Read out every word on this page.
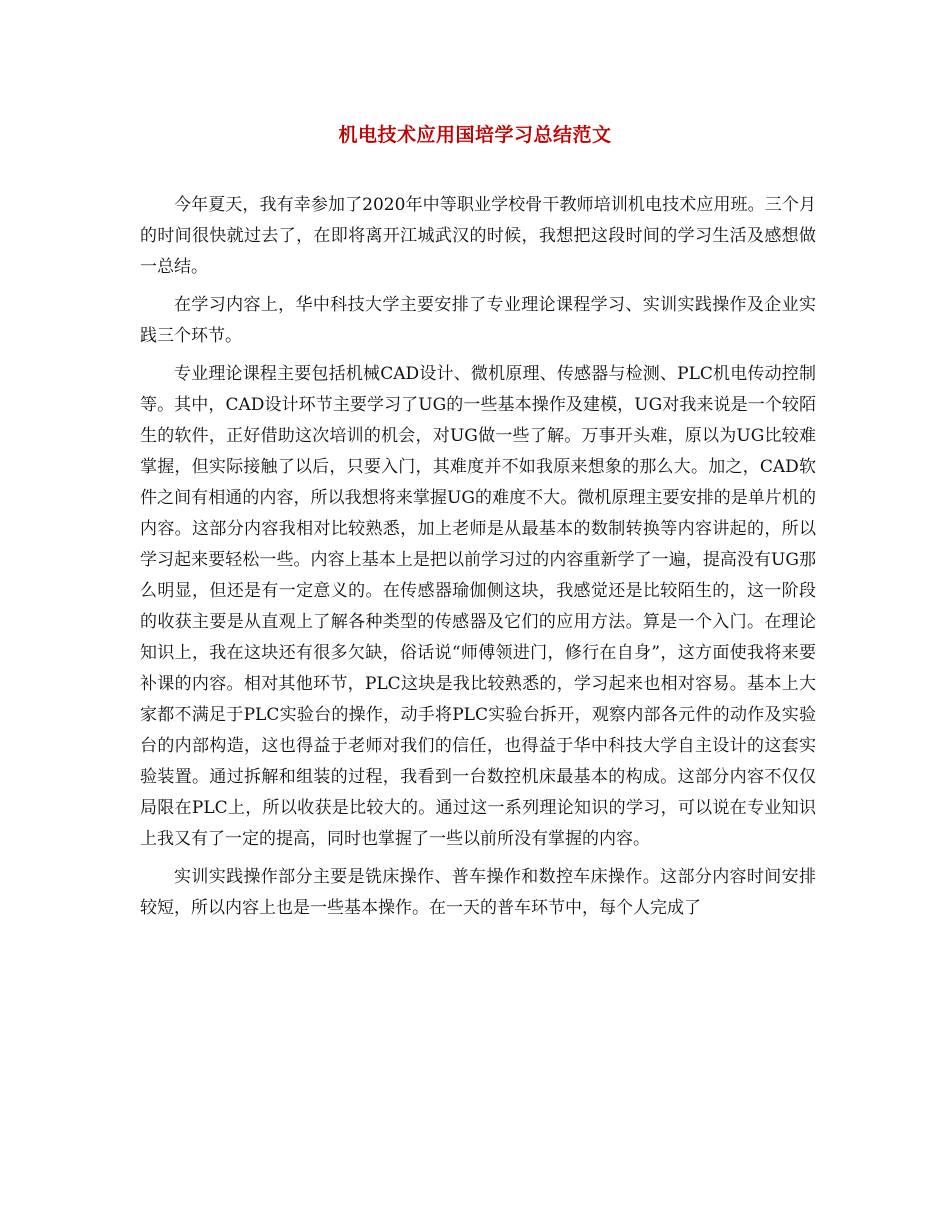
机电技术应用国培学习总结范文

今年夏天，我有幸参加了2020年中等职业学校骨干教师培训机电技术应用班。三个月的时间很快就过去了，在即将离开江城武汉的时候，我想把这段时间的学习生活及感想做一总结。

在学习内容上，华中科技大学主要安排了专业理论课程学习、实训实践操作及企业实践三个环节。

专业理论课程主要包括机械CAD设计、微机原理、传感器与检测、PLC机电传动控制等。其中，CAD设计环节主要学习了UG的一些基本操作及建模，UG对我来说是一个较陌生的软件，正好借助这次培训的机会，对UG做一些了解。万事开头难，原以为UG比较难掌握，但实际接触了以后，只要入门，其难度并不如我原来想象的那么大。加之，CAD软件之间有相通的内容，所以我想将来掌握UG的难度不大。微机原理主要安排的是单片机的内容。这部分内容我相对比较熟悉，加上老师是从最基本的数制转换等内容讲起的，所以学习起来要轻松一些。内容上基本上是把以前学习过的内容重新学了一遍，提高没有UG那么明显，但还是有一定意义的。在传感器瑜伽侧这块，我感觉还是比较陌生的，这一阶段的收获主要是从直观上了解各种类型的传感器及它们的应用方法。算是一个入门。在理论知识上，我在这块还有很多欠缺，俗话说“师傅领进门，修行在自身”，这方面使我将来要补课的内容。相对其他环节，PLC这块是我比较熟悉的，学习起来也相对容易。基本上大家都不满足于PLC实验台的操作，动手将PLC实验台拆开，观察内部各元件的动作及实验台的内部构造，这也得益于老师对我们的信任，也得益于华中科技大学自主设计的这套实验装置。通过拆解和组装的过程，我看到一台数控机床最基本的构成。这部分内容不仅仅局限在PLC上，所以收获是比较大的。通过这一系列理论知识的学习，可以说在专业知识上我又有了一定的提高，同时也掌握了一些以前所没有掌握的内容。

实训实践操作部分主要是铣床操作、普车操作和数控车床操作。这部分内容时间安排较短，所以内容上也是一些基本操作。在一天的普车环节中，每个人完成了
